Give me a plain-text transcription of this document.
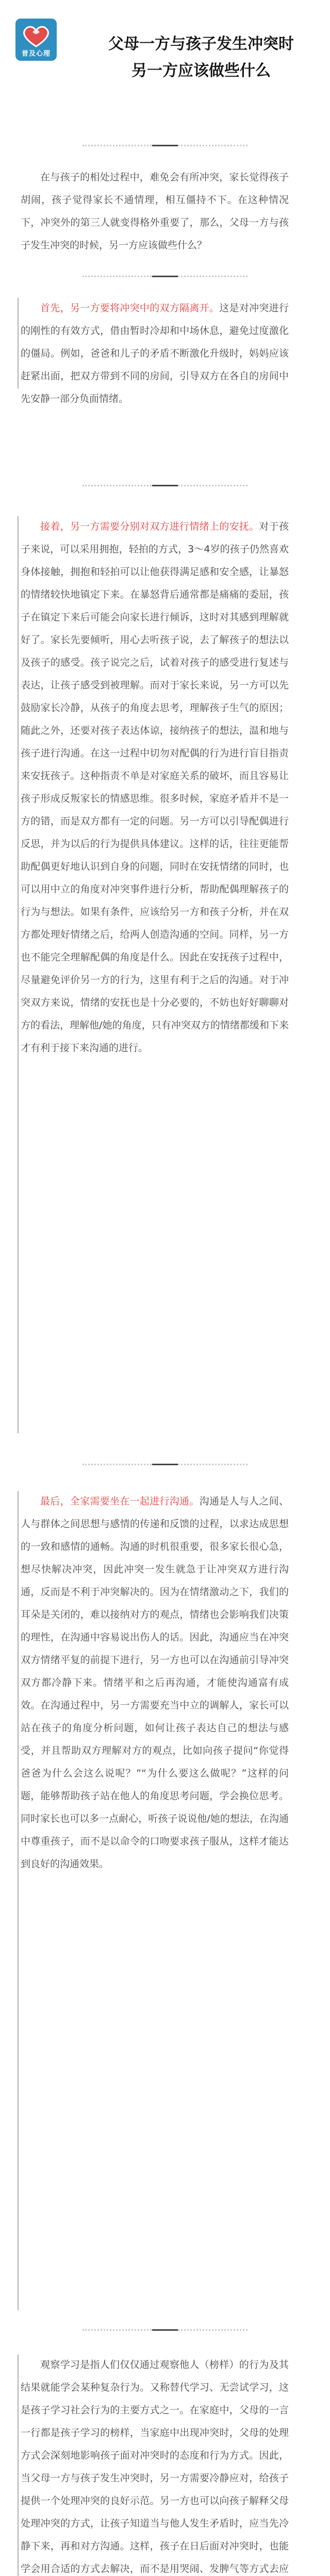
普及心理
父母一方与孩子发生冲突时
另一方应该做些什么
在与孩子的相处过程中，难免会有所冲突，家长觉得孩子胡闹，孩子觉得家长不通情理，相互僵持不下。在这种情况下，冲突外的第三人就变得格外重要了，那么，父母一方与孩子发生冲突的时候，另一方应该做些什么？
首先，另一方要将冲突中的双方隔离开。这是对冲突进行的刚性的有效方式，借由暂时冷却和中场休息，避免过度激化的僵局。例如，爸爸和儿子的矛盾不断激化升级时，妈妈应该赶紧出面，把双方带到不同的房间，引导双方在各自的房间中先安静一部分负面情绪。
接着，另一方需要分别对双方进行情绪上的安抚。对于孩子来说，可以采用拥抱，轻拍的方式，3～4岁的孩子仍然喜欢身体接触，拥抱和轻拍可以让他获得满足感和安全感，让暴怒的情绪较快地镇定下来。在暴怒背后通常都是痛痛的委屈，孩子在镇定下来后可能会向家长进行倾诉，这时对其感到理解就好了。家长先要倾听，用心去听孩子说，去了解孩子的想法以及孩子的感受。孩子说完之后，试着对孩子的感受进行复述与表达，让孩子感受到被理解。而对于家长来说，另一方可以先鼓励家长冷静，从孩子的角度去思考，理解孩子生气的原因；随此之外，还要对孩子表达体谅，接纳孩子的想法，温和地与孩子进行沟通。在这一过程中切勿对配偶的行为进行盲目指责来安抚孩子。这种指责不单是对家庭关系的破坏，而且容易让孩子形成反叛家长的情感思维。很多时候，家庭矛盾并不是一方的错，而是双方都有一定的问题。另一方可以引导配偶进行反思，并为以后的行为提供具体建议。这样的话，往往更能帮助配偶更好地认识到自身的问题，同时在安抚情绪的同时，也可以用中立的角度对冲突事件进行分析，帮助配偶理解孩子的行为与想法。如果有条件，应该给另一方和孩子分析，并在双方都处理好情绪之后，给两人创造沟通的空间。同样，另一方也不能完全理解配偶的角度是什么。因此在安抚孩子过程中，尽量避免评价另一方的行为，这里有利于之后的沟通。对于冲突双方来说，情绪的安抚也是十分必要的，不妨也好好聊聊对方的看法，理解他/她的角度，只有冲突双方的情绪都缓和下来才有利于接下来沟通的进行。
最后，全家需要坐在一起进行沟通。沟通是人与人之间、人与群体之间思想与感情的传递和反馈的过程，以求达成思想的一致和感情的通畅。沟通的时机很重要，很多家长很心急，想尽快解决冲突，因此冲突一发生就急于让冲突双方进行沟通，反而是不利于冲突解决的。因为在情绪激动之下，我们的耳朵是关闭的，难以接纳对方的观点，情绪也会影响我们决策的理性，在沟通中容易说出伤人的话。因此，沟通应当在冲突双方情绪平复的前提下进行，另一方也可以在沟通前引导冲突双方都冷静下来。情绪平和之后再沟通，才能使沟通富有成效。在沟通过程中，另一方需要充当中立的调解人，家长可以站在孩子的角度分析问题，如何让孩子表达自己的想法与感受，并且帮助双方理解对方的观点，比如向孩子提问“你觉得爸爸为什么会这么说呢？”“为什么要这么做呢？”这样的问题，能够帮助孩子站在他人的角度思考问题，学会换位思考。同时家长也可以多一点耐心，听孩子说说他/她的想法，在沟通中尊重孩子，而不是以命令的口吻要求孩子服从，这样才能达到良好的沟通效果。
观察学习是指人们仅仅通过观察他人（榜样）的行为及其结果就能学会某种复杂行为。又称替代学习、无尝试学习，这是孩子学习社会行为的主要方式之一。在家庭中，父母的一言一行都是孩子学习的榜样，当家庭中出现冲突时，父母的处理方式会深刻地影响孩子面对冲突时的态度和行为方式。因此，当父母一方与孩子发生冲突时，另一方需要冷静应对，给孩子提供一个处理冲突的良好示范。另一方也可以向孩子解释父母处理冲突的方式，让孩子知道当与他人发生矛盾时，应当先冷静下来，再和对方沟通。这样，孩子在日后面对冲突时，也能学会用合适的方式去解决，而不是用哭闹、发脾气等方式去应
